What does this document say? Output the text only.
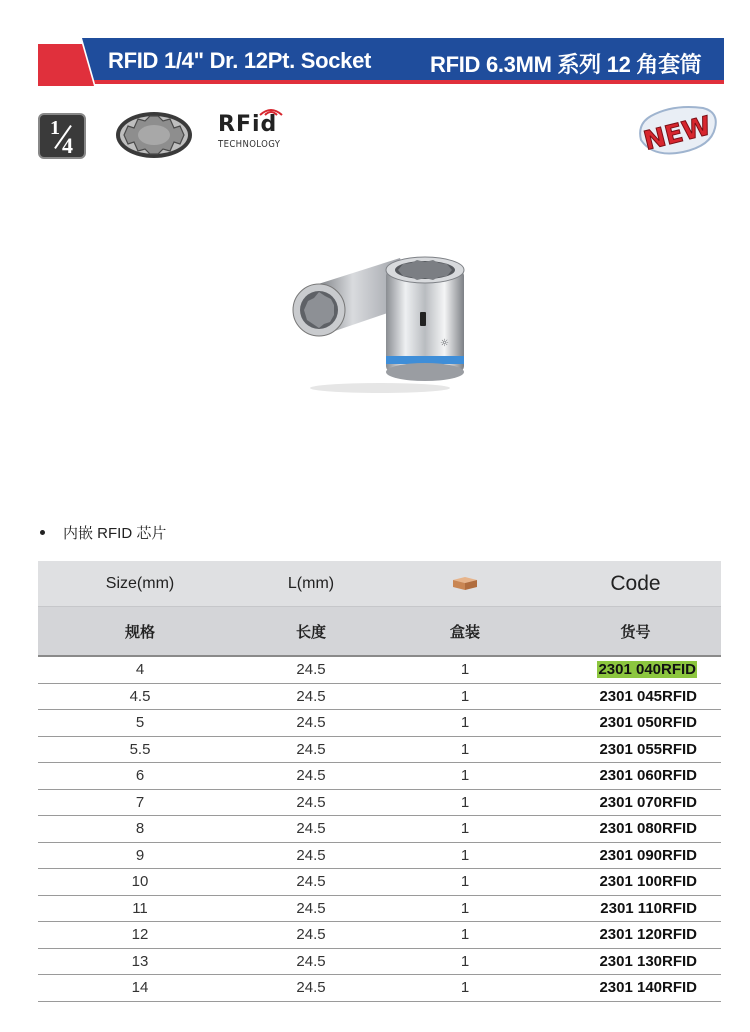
RFID 1/4" Dr. 12Pt. Socket	RFID 6.3MM 系列 12 角套筒
1
4
RFid
TECHNOLOGY	NEW
☼
内嵌 RFID 芯片
Size(mm)	L(mm)		Code
规格	长度	盒装	货号
4	24.5	1	2301 040RFID
4.5	24.5	1	2301 045RFID
5	24.5	1	2301 050RFID
5.5	24.5	1	2301 055RFID
6	24.5	1	2301 060RFID
7	24.5	1	2301 070RFID
8	24.5	1	2301 080RFID
9	24.5	1	2301 090RFID
10	24.5	1	2301 100RFID
11	24.5	1	2301 110RFID
12	24.5	1	2301 120RFID
13	24.5	1	2301 130RFID
14	24.5	1	2301 140RFID
